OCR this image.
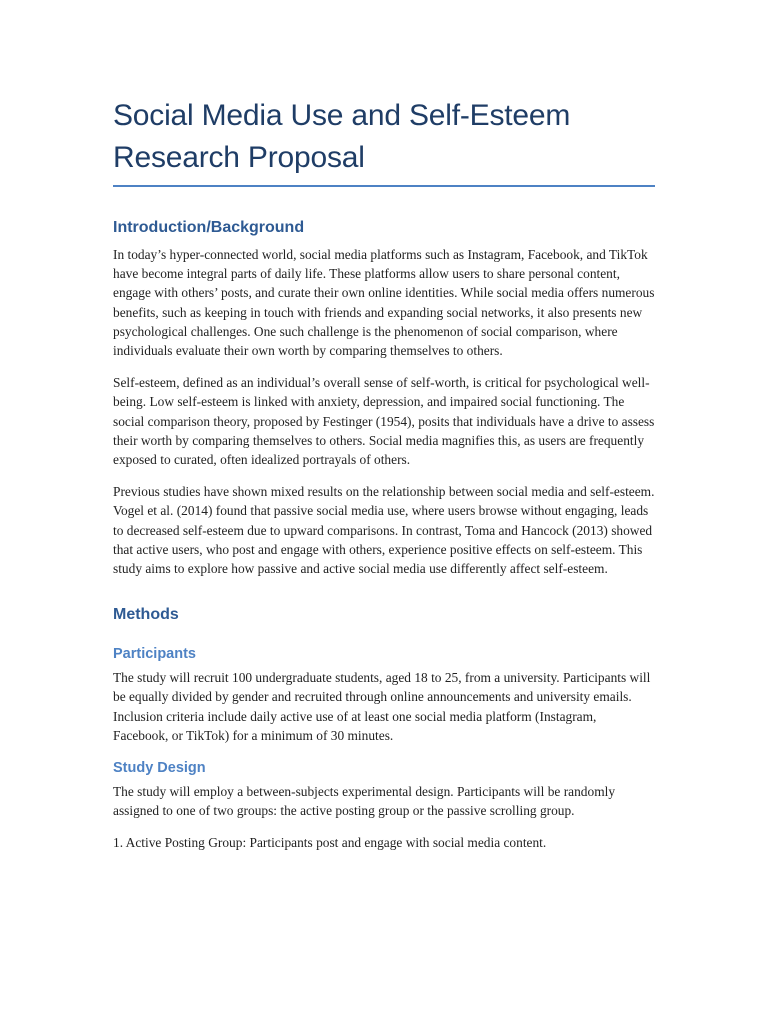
Social Media Use and Self-Esteem Research Proposal
Introduction/Background

In today’s hyper-connected world, social media platforms such as Instagram, Facebook, and TikTok have become integral parts of daily life. These platforms allow users to share personal content, engage with others’ posts, and curate their own online identities. While social media offers numerous benefits, such as keeping in touch with friends and expanding social networks, it also presents new psychological challenges. One such challenge is the phenomenon of social comparison, where individuals evaluate their own worth by comparing themselves to others.

Self-esteem, defined as an individual’s overall sense of self-worth, is critical for psychological well-being. Low self-esteem is linked with anxiety, depression, and impaired social functioning. The social comparison theory, proposed by Festinger (1954), posits that individuals have a drive to assess their worth by comparing themselves to others. Social media magnifies this, as users are frequently exposed to curated, often idealized portrayals of others.

Previous studies have shown mixed results on the relationship between social media and self-esteem. Vogel et al. (2014) found that passive social media use, where users browse without engaging, leads to decreased self-esteem due to upward comparisons. In contrast, Toma and Hancock (2013) showed that active users, who post and engage with others, experience positive effects on self-esteem. This study aims to explore how passive and active social media use differently affect self-esteem.

Methods
Participants

The study will recruit 100 undergraduate students, aged 18 to 25, from a university. Participants will be equally divided by gender and recruited through online announcements and university emails. Inclusion criteria include daily active use of at least one social media platform (Instagram, Facebook, or TikTok) for a minimum of 30 minutes.

Study Design

The study will employ a between-subjects experimental design. Participants will be randomly assigned to one of two groups: the active posting group or the passive scrolling group.

1. Active Posting Group: Participants post and engage with social media content.
